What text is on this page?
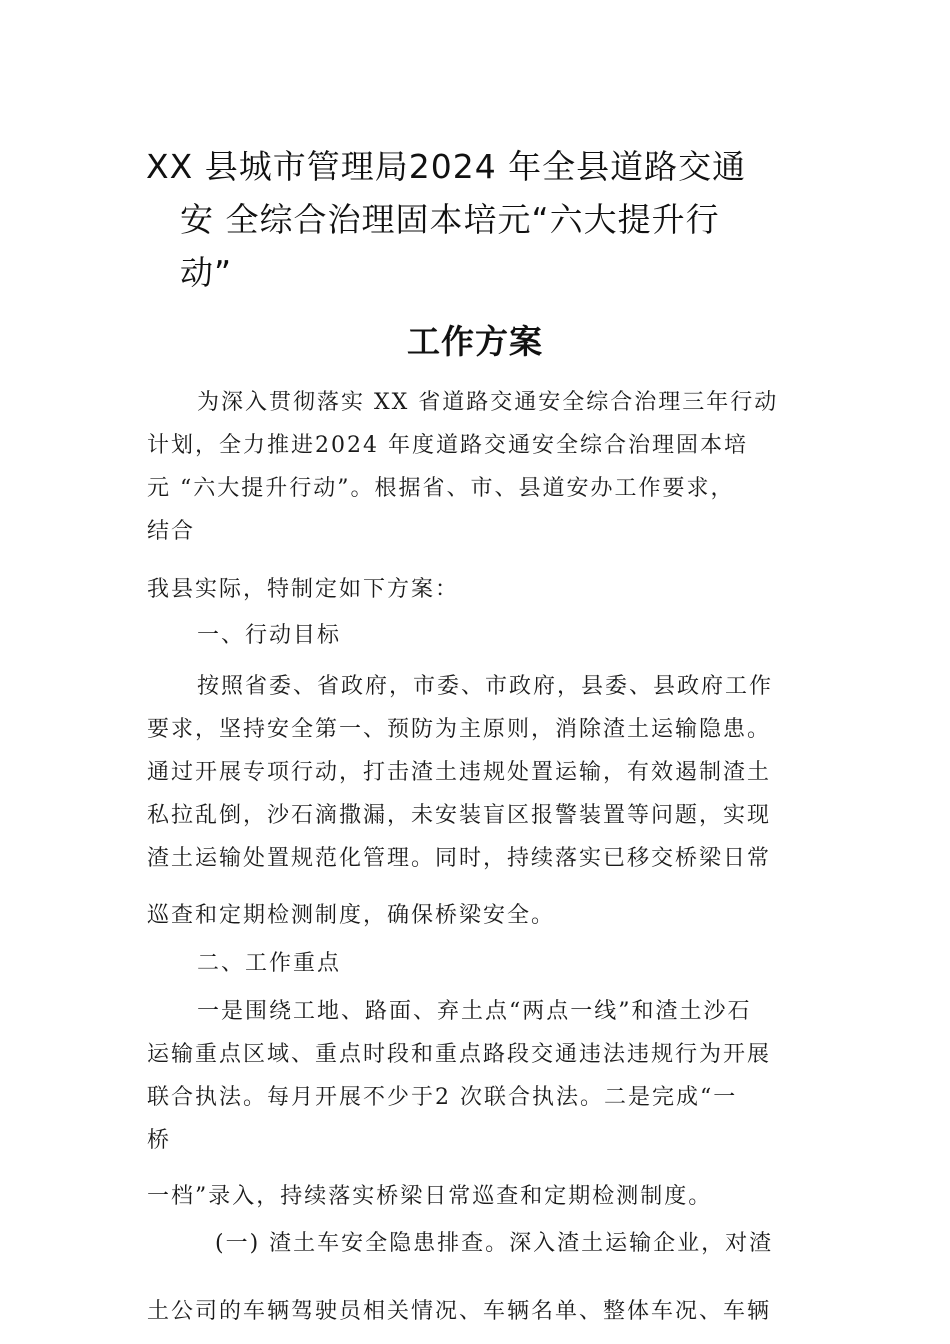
XX 县城市管理局2024 年全县道路交通
安 全综合治理固本培元“六大提升行
动”
工作方案
为深入贯彻落实 XX 省道路交通安全综合治理三年行动
计划，全力推进2024 年度道路交通安全综合治理固本培
元 “六大提升行动”。根据省、市、县道安办工作要求，
结合
我县实际，特制定如下方案：
一、行动目标
按照省委、省政府，市委、市政府，县委、县政府工作
要求，坚持安全第一、预防为主原则，消除渣土运输隐患。
通过开展专项行动，打击渣土违规处置运输，有效遏制渣土
私拉乱倒，沙石滴撒漏，未安装盲区报警装置等问题，实现
渣土运输处置规范化管理。同时，持续落实已移交桥梁日常
巡查和定期检测制度，确保桥梁安全。
二、工作重点
一是围绕工地、路面、弃土点“两点一线”和渣土沙石
运输重点区域、重点时段和重点路段交通违法违规行为开展
联合执法。每月开展不少于2 次联合执法。二是完成“一
桥
一档”录入，持续落实桥梁日常巡查和定期检测制度。
(一) 渣土车安全隐患排查。深入渣土运输企业，对渣
土公司的车辆驾驶员相关情况、车辆名单、整体车况、车辆
